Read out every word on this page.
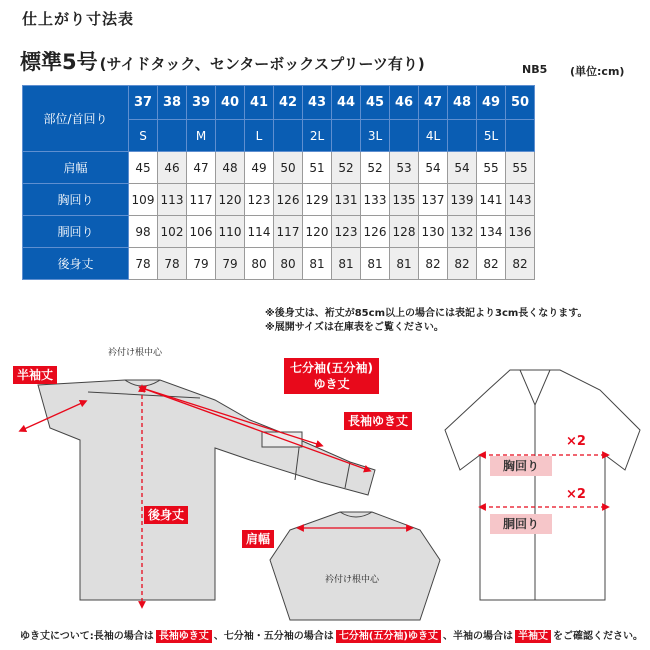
仕上がり寸法表
標準5号 (サイドタック、センターボックスプリーツ有り)	NB5 (単位:cm)
部位/首回り	37	38	39	40	41	42	43	44	45	46	47	48	49	50
	S		M		L		2L		3L		4L		5L	
肩幅	45	46	47	48	49	50	51	52	52	53	54	54	55	55
胸回り	109	113	117	120	123	126	129	131	133	135	137	139	141	143
胴回り	98	102	106	110	114	117	120	123	126	128	130	132	134	136
後身丈	78	78	79	79	80	80	81	81	81	81	82	82	82	82
※後身丈は、裄丈が85cm以上の場合には表記より3cm長くなります。
※展開サイズは在庫表をご覧ください。
半袖丈
衿付け根中心
七分袖(五分袖)
ゆき丈
長袖ゆき丈
後身丈
肩幅
衿付け根中心
胸回り
胴回り
×2
×2
ゆき丈について:長袖の場合は 長袖ゆき丈 、七分袖・五分袖の場合は 七分袖(五分袖)ゆき丈 、半袖の場合は 半袖丈 をご確認ください。
